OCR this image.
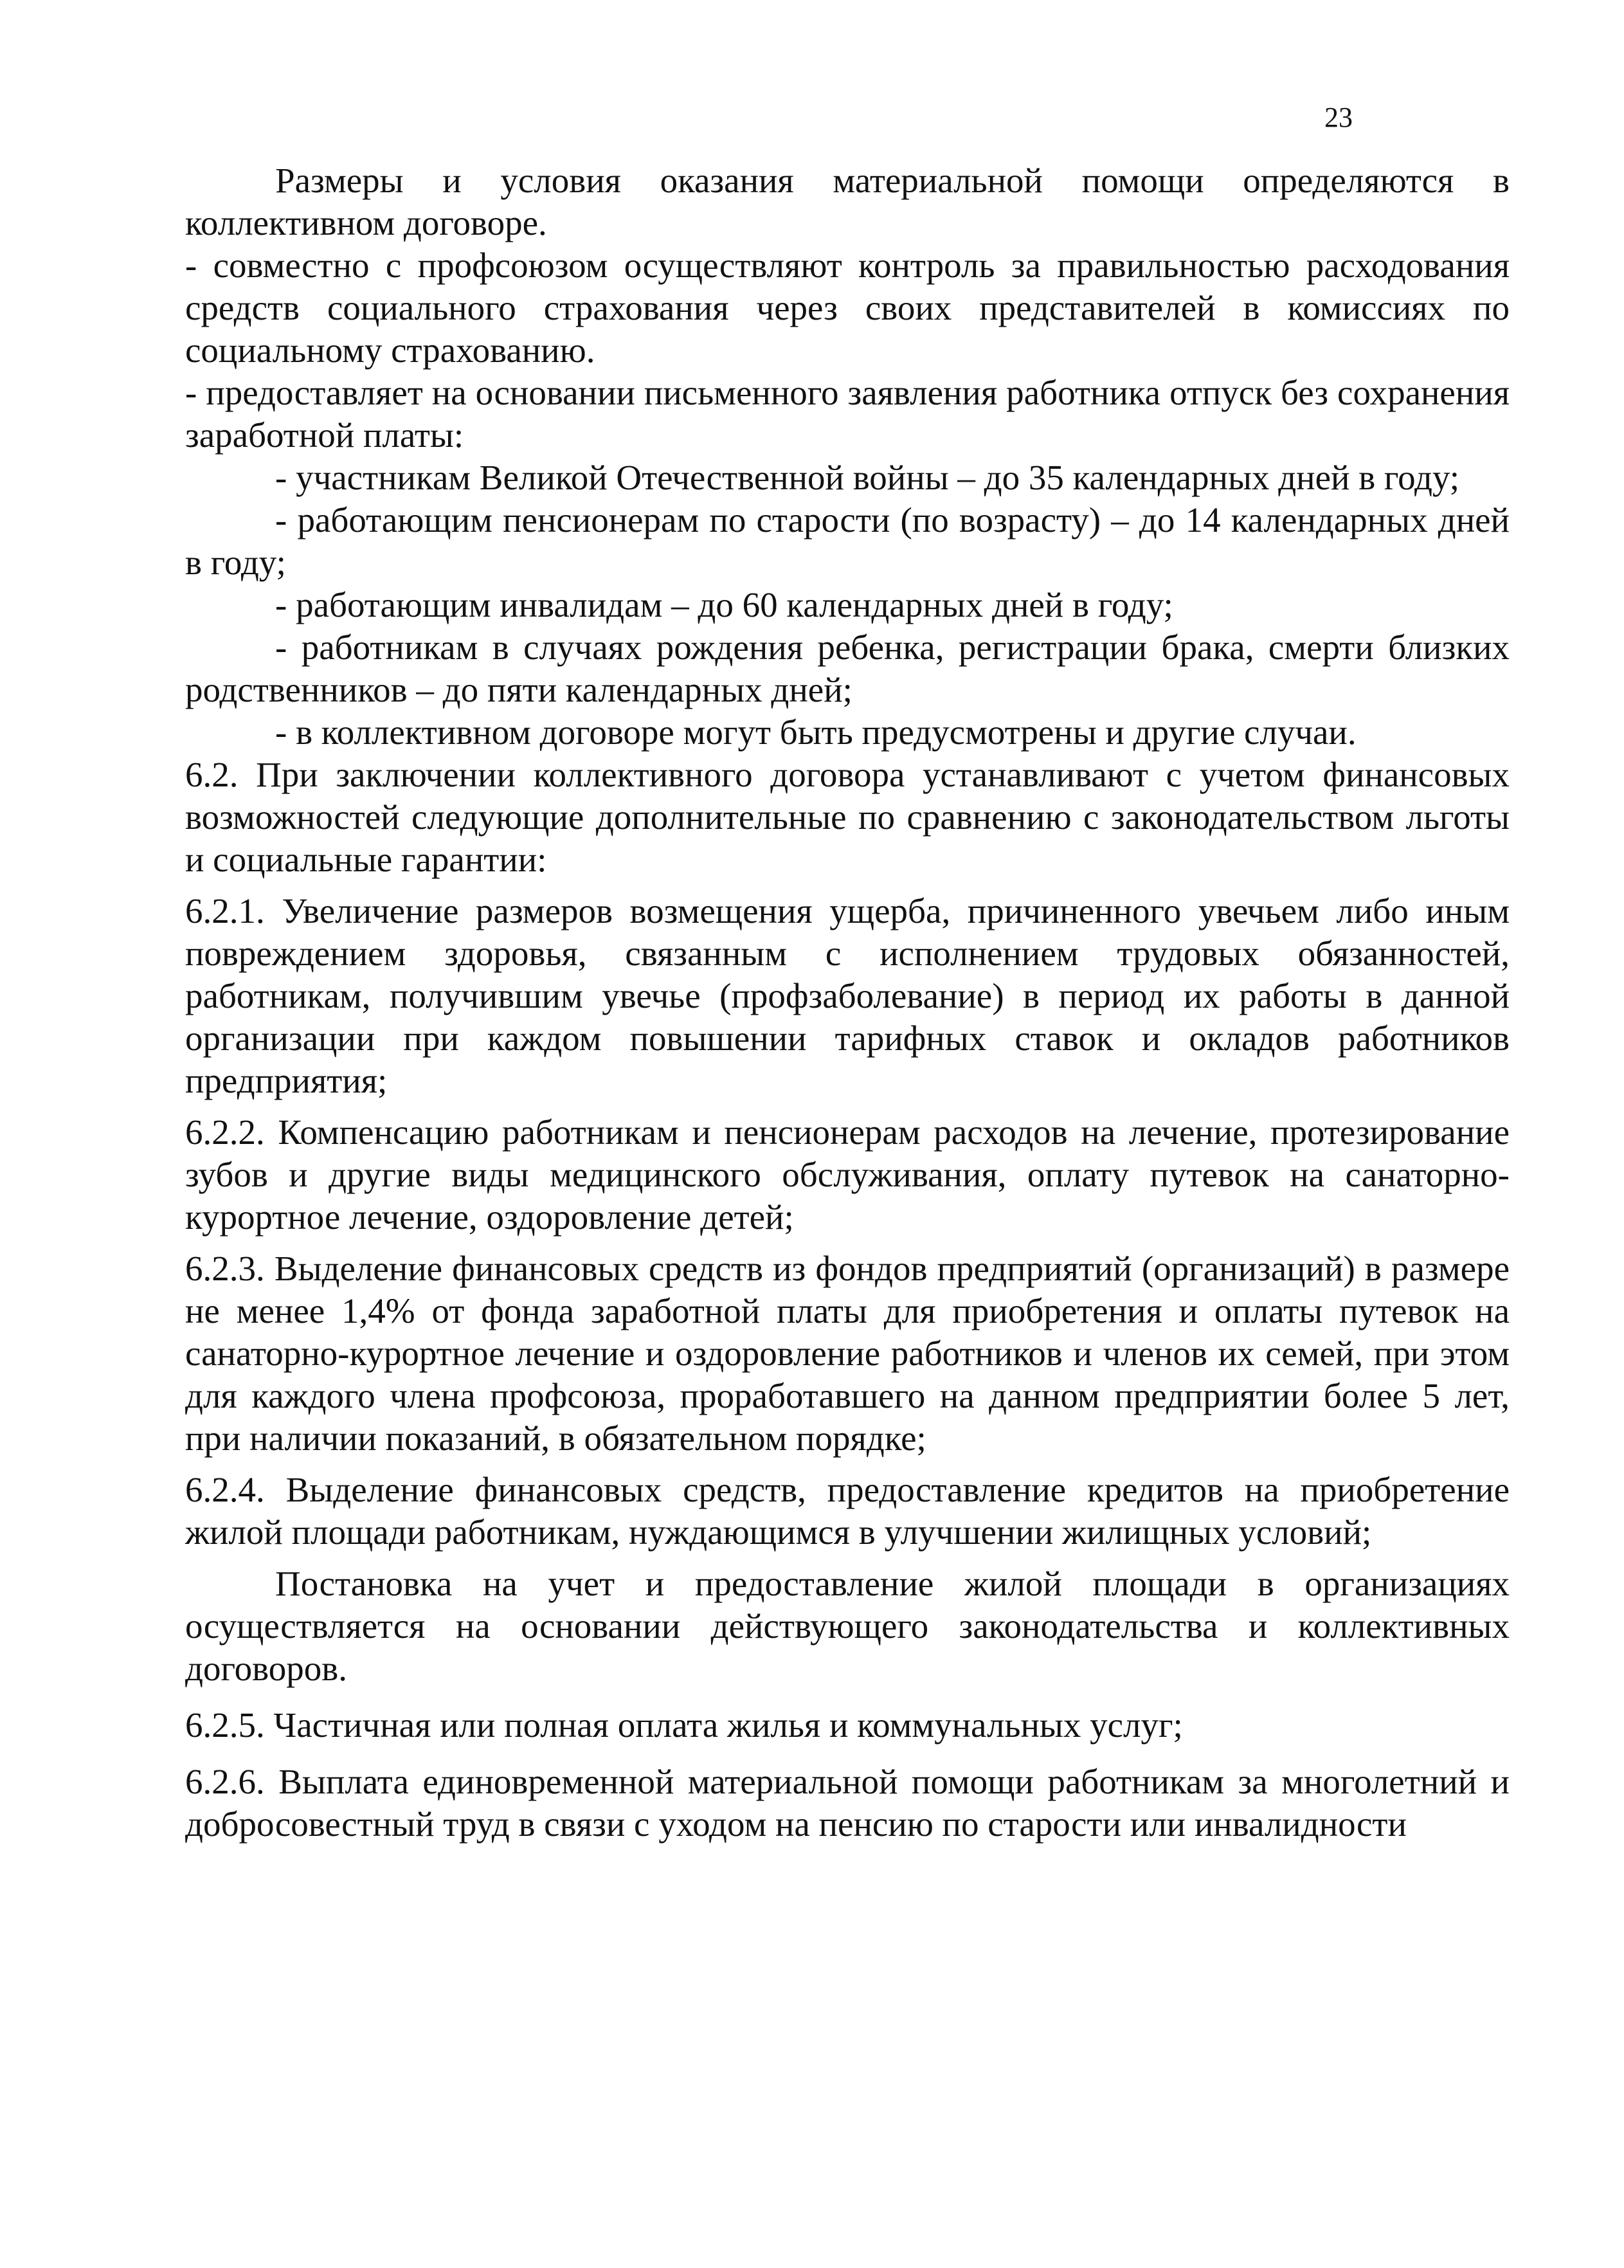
23

Размеры и условия оказания материальной помощи определяются в коллективном договоре.

- совместно с профсоюзом осуществляют контроль за правильностью расходования средств социального страхования через своих представителей в комиссиях по социальному страхованию.

- предоставляет на основании письменного заявления работника отпуск без сохранения заработной платы:

- участникам Великой Отечественной войны – до 35 календарных дней в году;

- работающим пенсионерам по старости (по возрасту) – до 14 календарных дней в году;

- работающим инвалидам – до 60 календарных дней в году;

- работникам в случаях рождения ребенка, регистрации брака, смерти близких родственников – до пяти календарных дней;

- в коллективном договоре могут быть предусмотрены и другие случаи.

6.2. При заключении коллективного договора устанавливают с учетом финансовых возможностей следующие дополнительные по сравнению с законодательством льготы и социальные гарантии:

6.2.1. Увеличение размеров возмещения ущерба, причиненного увечьем либо иным повреждением здоровья, связанным с исполнением трудовых обязанностей, работникам, получившим увечье (профзаболевание) в период их работы в данной организации при каждом повышении тарифных ставок и окладов работников предприятия;

6.2.2. Компенсацию работникам и пенсионерам расходов на лечение, протезирование зубов и другие виды медицинского обслуживания, оплату путевок на санаторно-курортное лечение, оздоровление детей;

6.2.3. Выделение финансовых средств из фондов предприятий (организаций) в размере не менее 1,4% от фонда заработной платы для приобретения и оплаты путевок на санаторно-курортное лечение и оздоровление работников и членов их семей, при этом для каждого члена профсоюза, проработавшего на данном предприятии более 5 лет, при наличии показаний, в обязательном порядке;

6.2.4. Выделение финансовых средств, предоставление кредитов на приобретение жилой площади работникам, нуждающимся в улучшении жилищных условий;

Постановка на учет и предоставление жилой площади в организациях осуществляется на основании действующего законодательства и коллективных договоров.

6.2.5. Частичная или полная оплата жилья и коммунальных услуг;

6.2.6. Выплата единовременной материальной помощи работникам за многолетний и добросовестный труд в связи с уходом на пенсию по старости или инвалидности
